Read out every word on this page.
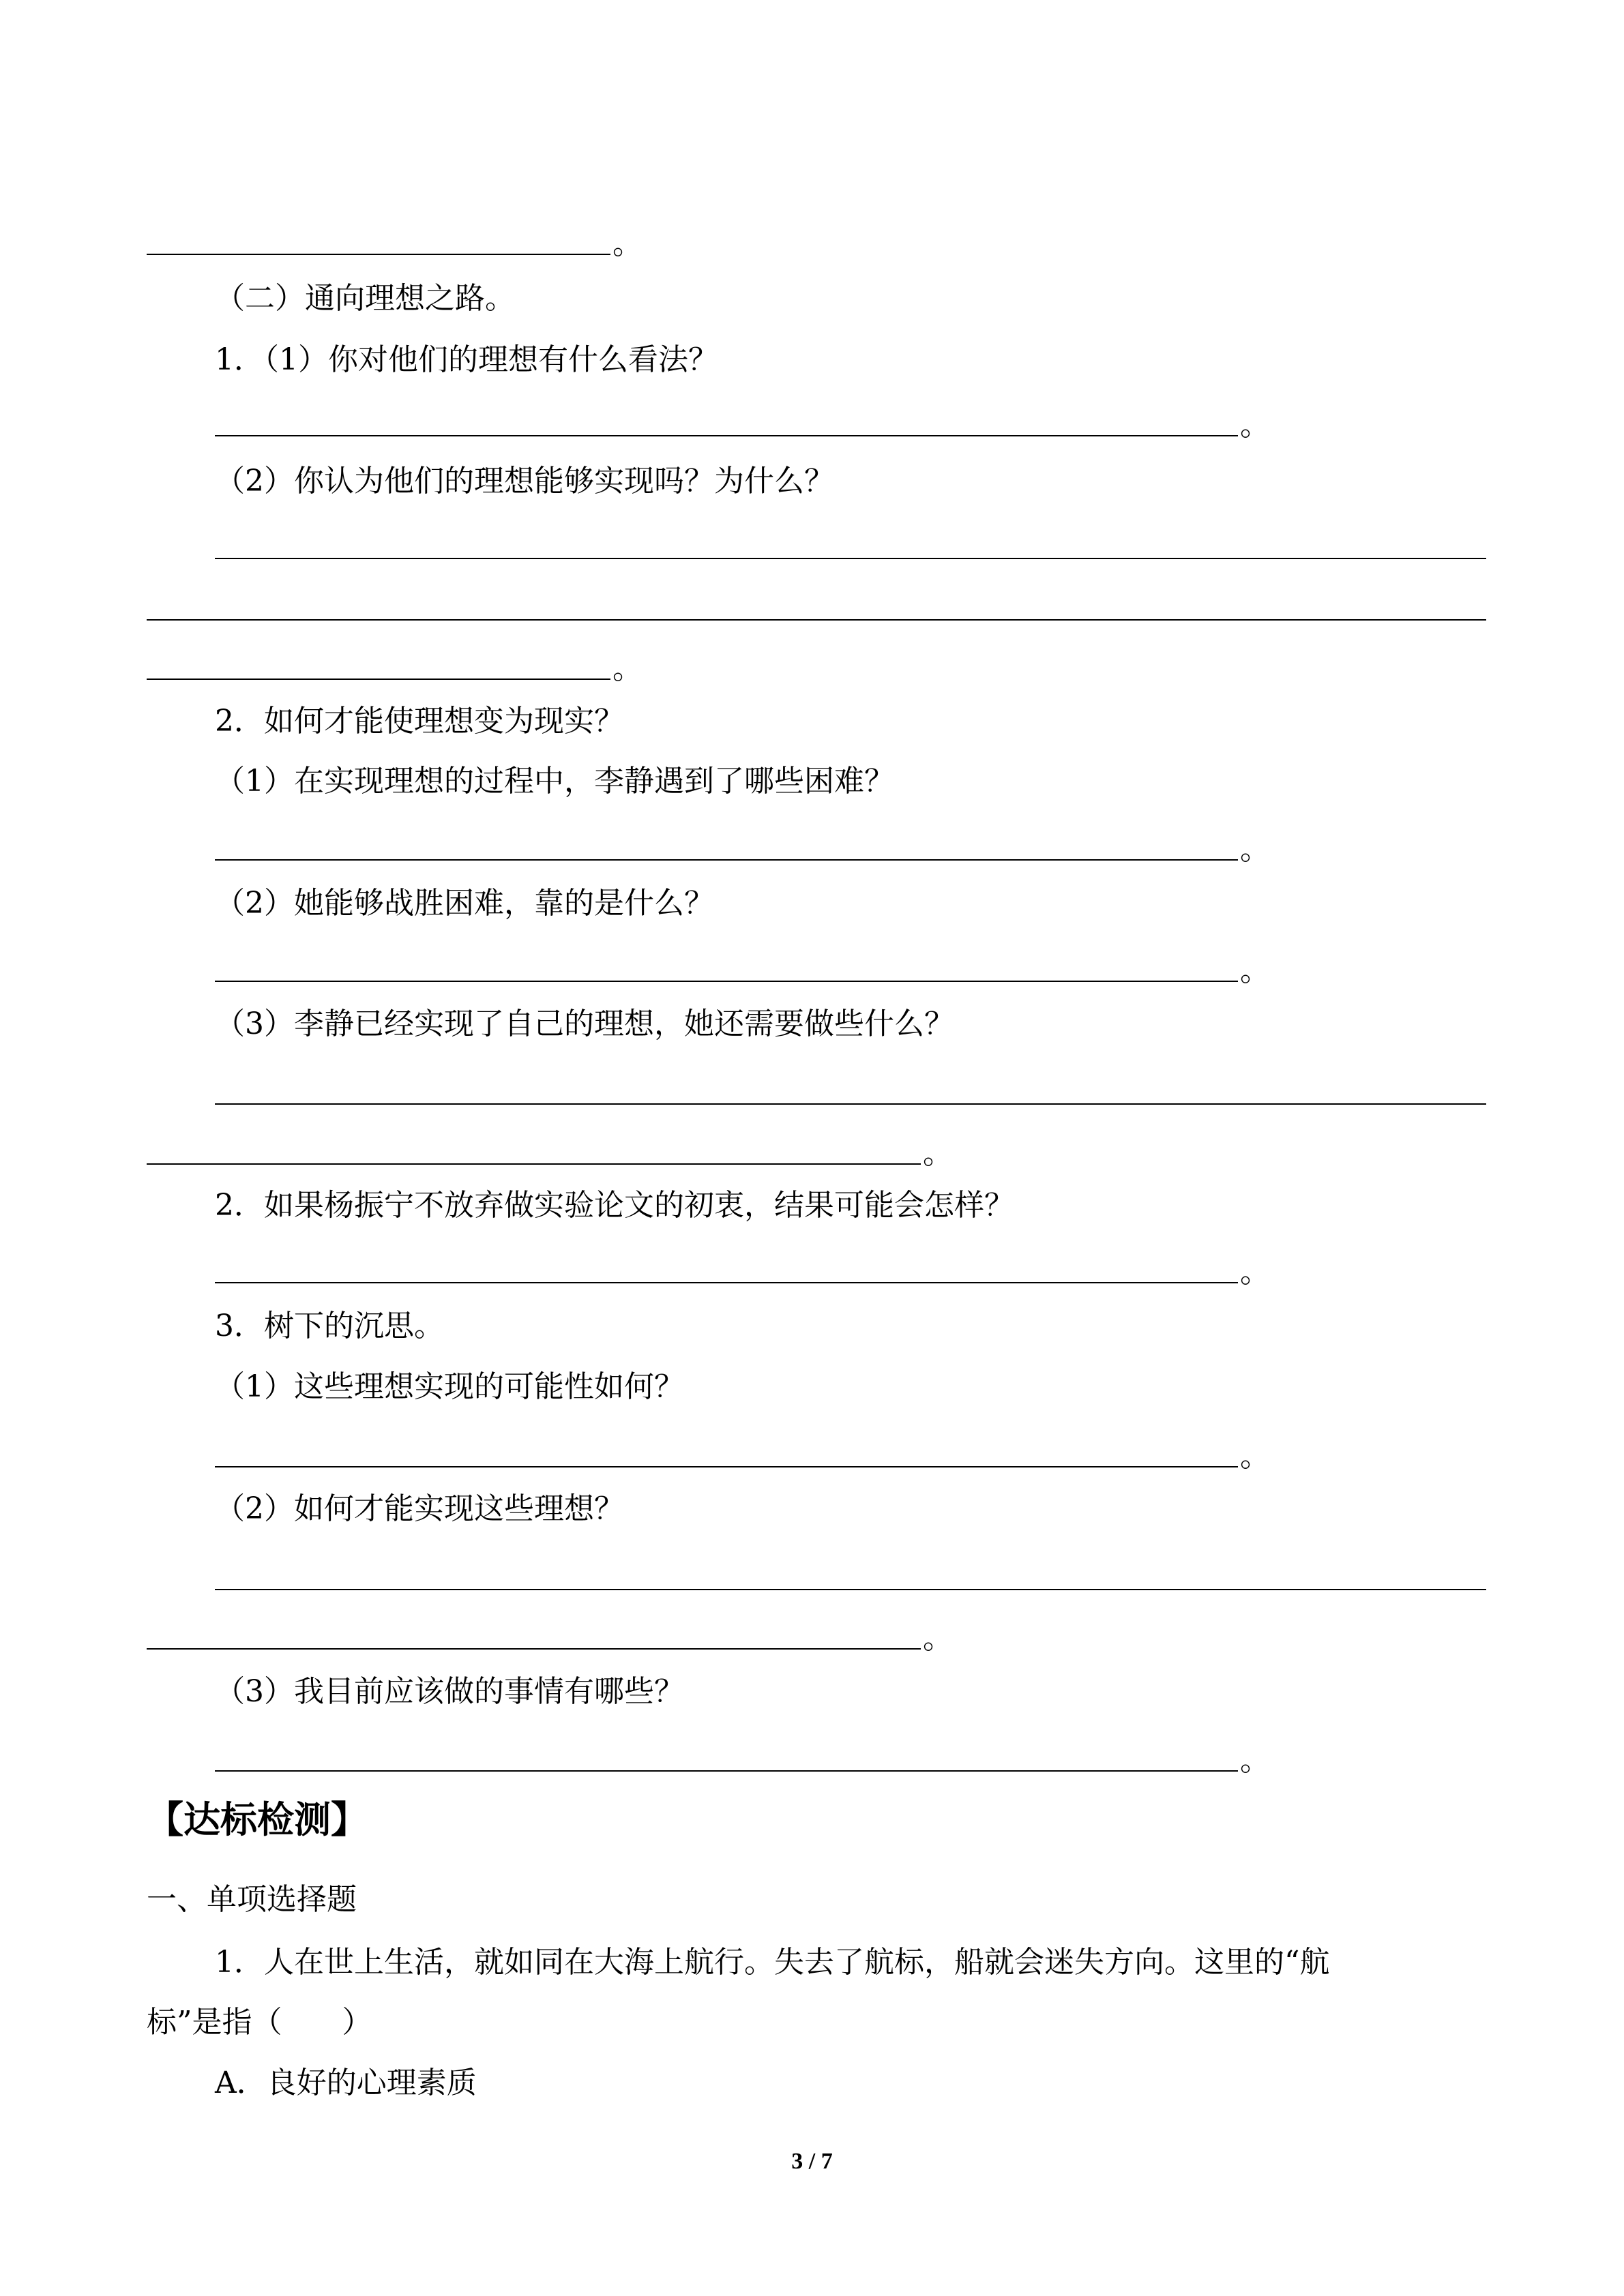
。
（二）通向理想之路。
1．（1）你对他们的理想有什么看法？
。
（2）你认为他们的理想能够实现吗？为什么？
。
2．如何才能使理想变为现实？
（1）在实现理想的过程中，李静遇到了哪些困难？
。
（2）她能够战胜困难，靠的是什么？
。
（3）李静已经实现了自己的理想，她还需要做些什么？
。
2．如果杨振宁不放弃做实验论文的初衷，结果可能会怎样？
。
3．树下的沉思。
（1）这些理想实现的可能性如何？
。
（2）如何才能实现这些理想？
。
（3）我目前应该做的事情有哪些？
。
【达标检测】
一、单项选择题
1．人在世上生活，就如同在大海上航行。失去了航标，船就会迷失方向。这里的“航
标”是指（　　）
A．良好的心理素质
3 / 7
